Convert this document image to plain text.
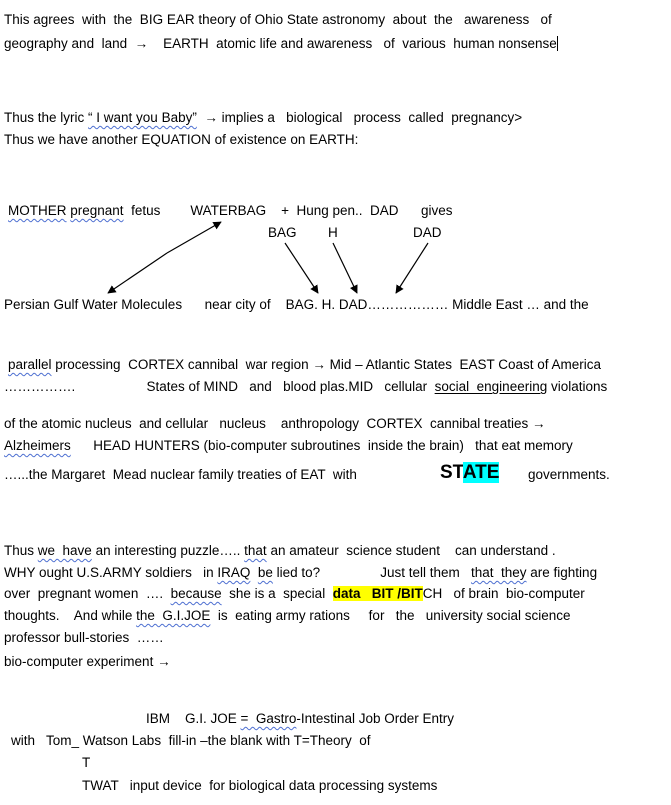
This agrees  with  the  BIG EAR theory of Ohio State astronomy  about  the   awareness   of
geography and  land  →    EARTH  atomic life and awareness   of  various  human nonsense
Thus the lyric “ I want you Baby”  → implies a   biological   process  called  pregnancy>
Thus we have another EQUATION of existence on EARTH:
MOTHER pregnant  fetus        WATERBAG    +  Hung pen..  DAD      gives
BAG H	DAD
Persian Gulf Water Molecules      near city of    BAG. H. DAD……………… Middle East … and the
parallel processing  CORTEX cannibal  war region → Mid – Atlantic States  EAST Coast of America
…………….                   States of MIND   and   blood plas.MID   cellular  social  engineering violations
of the atomic nucleus  and cellular   nucleus    anthropology  CORTEX  cannibal treaties →
Alzheimers      HEAD HUNTERS (bio-computer subroutines  inside the brain)   that eat memory
…...the Margaret  Mead nuclear family treaties of EAT  with	STATE governments.
Thus we  have an interesting puzzle….. that an amateur  science student    can understand .
WHY ought U.S.ARMY soldiers   in IRAQ be lied to?                Just tell them   that  they are fighting
over  pregnant women  ….  because  she is a  special  data   BIT /BITCH   of brain  bio-computer
thoughts.    And while the  G.I.JOE  is  eating army rations     for   the   university social science
professor bull-stories  ……
bio-computer experiment →
IBM    G.I. JOE =  Gastro-Intestinal Job Order Entry
with   Tom_ Watson Labs  fill-in –the blank with T=Theory  of
T
TWAT   input device  for biological data processing systems
